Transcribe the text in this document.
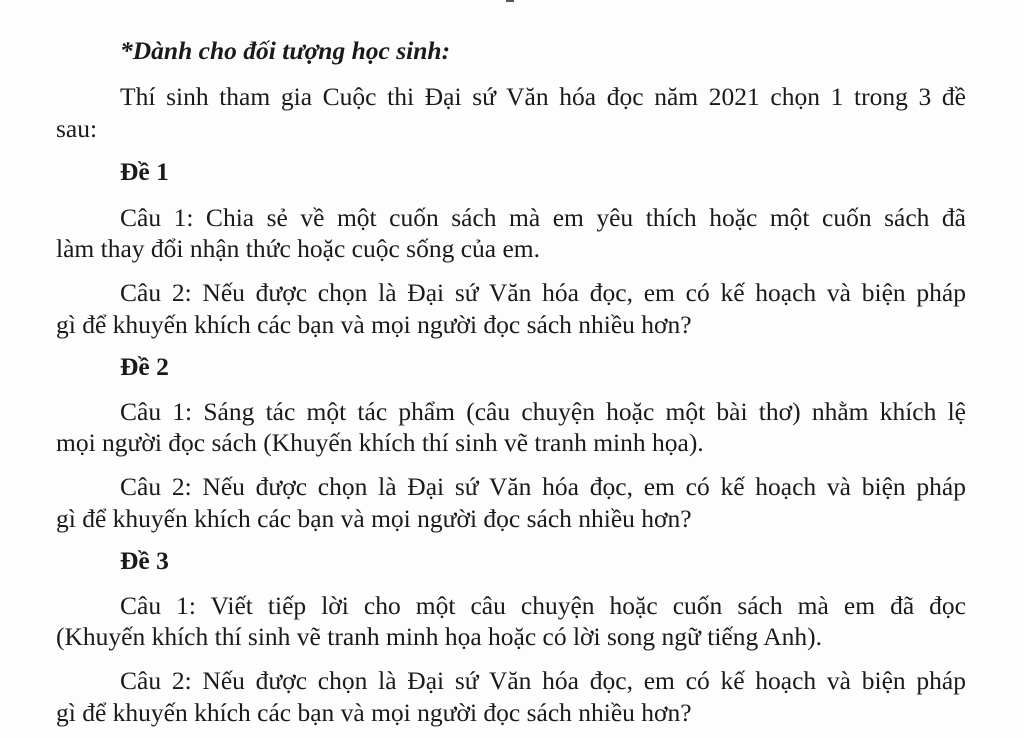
*Dành cho đối tượng học sinh:
Thí sinh tham gia Cuộc thi Đại sứ Văn hóa đọc năm 2021 chọn 1 trong 3 đề
sau:
Đề 1
Câu 1: Chia sẻ về một cuốn sách mà em yêu thích hoặc một cuốn sách đã
làm thay đổi nhận thức hoặc cuộc sống của em.
Câu 2: Nếu được chọn là Đại sứ Văn hóa đọc, em có kế hoạch và biện pháp
gì để khuyến khích các bạn và mọi người đọc sách nhiều hơn?
Đề 2
Câu 1: Sáng tác một tác phẩm (câu chuyện hoặc một bài thơ) nhằm khích lệ
mọi người đọc sách (Khuyến khích thí sinh vẽ tranh minh họa).
Câu 2: Nếu được chọn là Đại sứ Văn hóa đọc, em có kế hoạch và biện pháp
gì để khuyến khích các bạn và mọi người đọc sách nhiều hơn?
Đề 3
Câu 1: Viết tiếp lời cho một câu chuyện hoặc cuốn sách mà em đã đọc
(Khuyến khích thí sinh vẽ tranh minh họa hoặc có lời song ngữ tiếng Anh).
Câu 2: Nếu được chọn là Đại sứ Văn hóa đọc, em có kế hoạch và biện pháp
gì để khuyến khích các bạn và mọi người đọc sách nhiều hơn?
